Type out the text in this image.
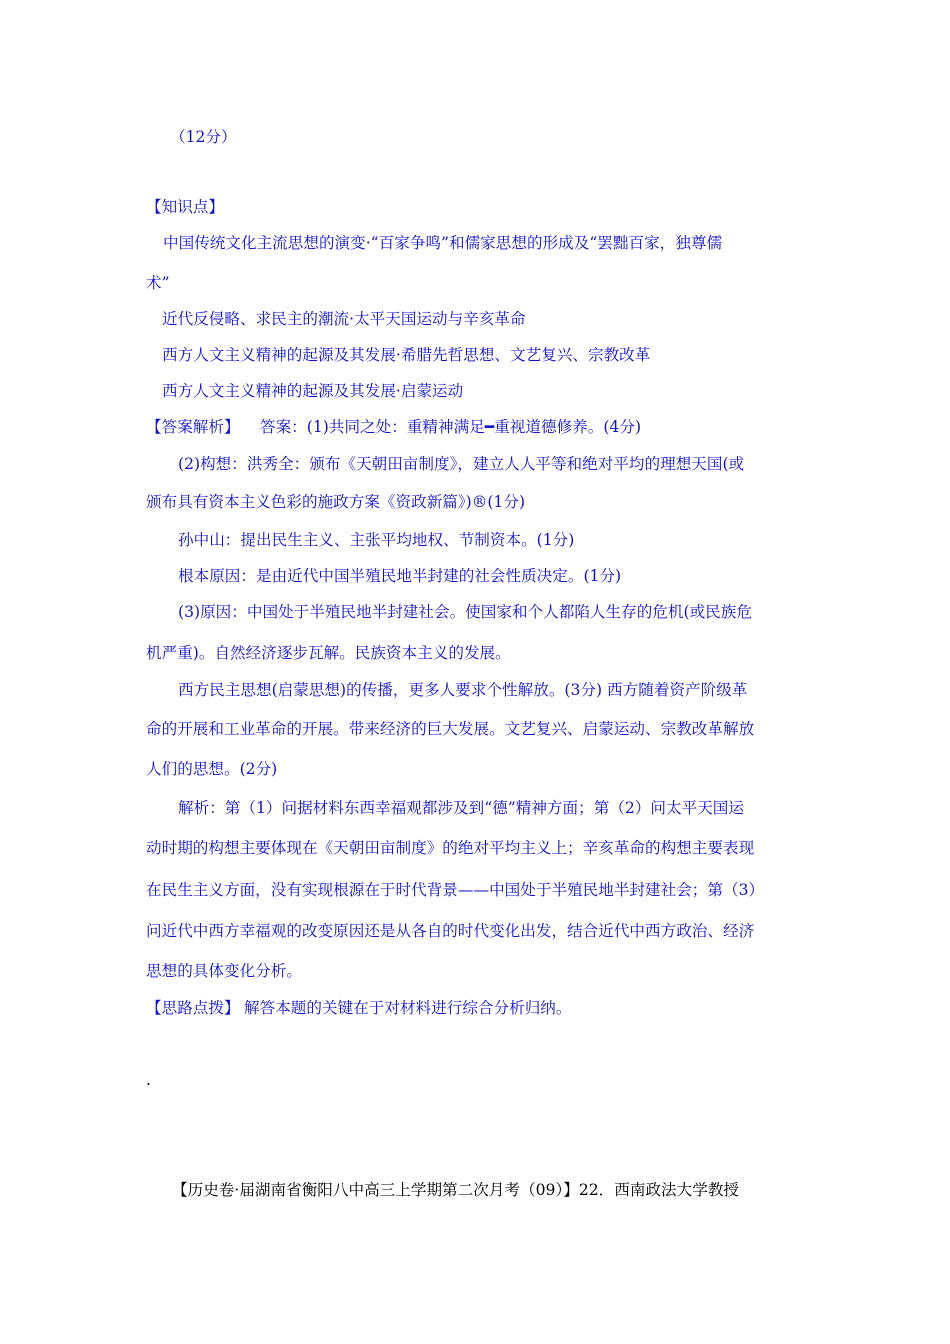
（12分）
【知识点】
中国传统文化主流思想的演变·“百家争鸣”和儒家思想的形成及“罢黜百家，独尊儒
术”
近代反侵略、求民主的潮流·太平天国运动与辛亥革命
西方人文主义精神的起源及其发展·希腊先哲思想、文艺复兴、宗教改革
西方人文主义精神的起源及其发展·启蒙运动
【答案解析】 答案：(1)共同之处：重精神满足━重视道德修养。(4分)
(2)构想：洪秀全：颁布《天朝田亩制度》，建立人人平等和绝对平均的理想天国(或
颁布具有资本主义色彩的施政方案《资政新篇》)®(1分)
孙中山：提出民生主义、主张平均地权、节制资本。(1分)
根本原因：是由近代中国半殖民地半封建的社会性质决定。(1分)
(3)原因：中国处于半殖民地半封建社会。使国家和个人都陷人生存的危机(或民族危
机严重)。自然经济逐步瓦解。民族资本主义的发展。
西方民主思想(启蒙思想)的传播，更多人要求个性解放。(3分) 西方随着资产阶级革
命的开展和工业革命的开展。带来经济的巨大发展。文艺复兴、启蒙运动、宗教改革解放
人们的思想。(2分)
解析：第（1）问据材料东西幸福观都涉及到“德”精神方面；第（2）问太平天国运
动时期的构想主要体现在《天朝田亩制度》的绝对平均主义上；辛亥革命的构想主要表现
在民生主义方面，没有实现根源在于时代背景——中国处于半殖民地半封建社会；第（3）
问近代中西方幸福观的改变原因还是从各自的时代变化出发，结合近代中西方政治、经济
思想的具体变化分析。
【思路点拨】 解答本题的关键在于对材料进行综合分析归纳。
.
【历史卷·届湖南省衡阳八中高三上学期第二次月考（09）】22．西南政法大学教授
